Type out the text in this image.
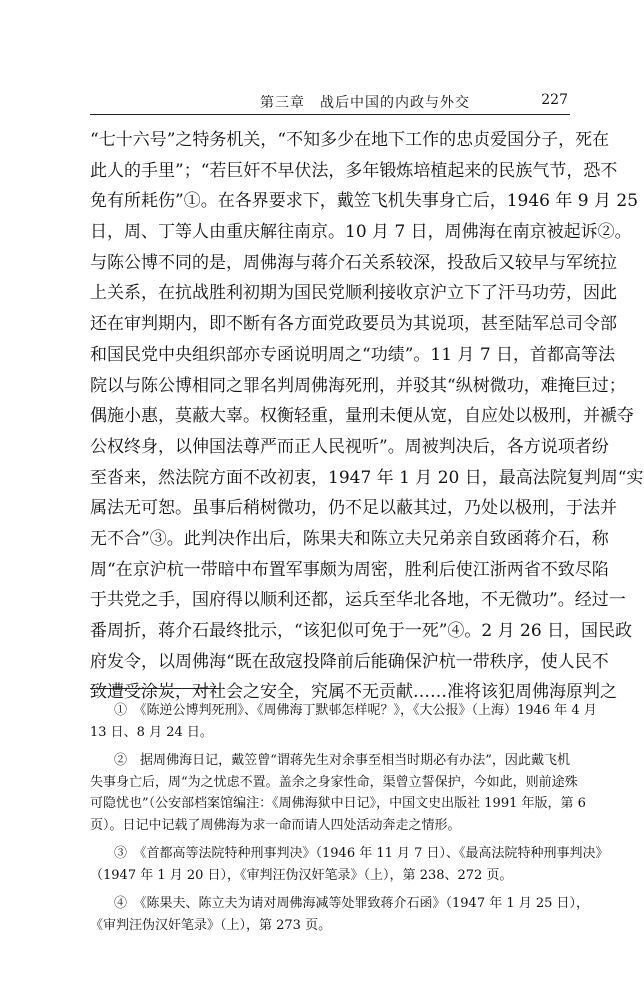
第三章　战后中国的内政与外交	227
“七十六号”之特务机关，“不知多少在地下工作的忠贞爱国分子，死在
此人的手里”；“若巨奸不早伏法，多年锻炼培植起来的民族气节，恐不
免有所耗伤”①。在各界要求下，戴笠飞机失事身亡后，1946 年 9 月 25
日，周、丁等人由重庆解往南京。10 月 7 日，周佛海在南京被起诉②。
与陈公博不同的是，周佛海与蒋介石关系较深，投敌后又较早与军统拉
上关系，在抗战胜利初期为国民党顺利接收京沪立下了汗马功劳，因此
还在审判期内，即不断有各方面党政要员为其说项，甚至陆军总司令部
和国民党中央组织部亦专函说明周之“功绩”。11 月 7 日，首都高等法
院以与陈公博相同之罪名判周佛海死刑，并驳其“纵树微功，难掩巨过；
偶施小惠，莫蔽大辜。权衡轻重，量刑未便从宽，自应处以极刑，并褫夺
公权终身，以伸国法尊严而正人民视听”。周被判决后，各方说项者纷
至沓来，然法院方面不改初衷，1947 年 1 月 20 日，最高法院复判周“实
属法无可恕。虽事后稍树微功，仍不足以蔽其过，乃处以极刑，于法并
无不合”③。此判决作出后，陈果夫和陈立夫兄弟亲自致函蒋介石，称
周“在京沪杭一带暗中布置军事颇为周密，胜利后使江浙两省不致尽陷
于共党之手，国府得以顺利还都，运兵至华北各地，不无微功”。经过一
番周折，蒋介石最终批示，“该犯似可免于一死”④。2 月 26 日，国民政
府发令，以周佛海“既在敌寇投降前后能确保沪杭一带秩序，使人民不
致遭受涂炭，对社会之安全，究属不无贡献……准将该犯周佛海原判之
①　《陈逆公博判死刑》、《周佛海丁默邨怎样呢？》，《大公报》（上海）1946 年 4 月
13 日、8 月 24 日。
②　据周佛海日记，戴笠曾“谓蒋先生对余事至相当时期必有办法”，因此戴飞机
失事身亡后，周“为之忧虑不置。盖余之身家性命，渠曾立誓保护，今如此，则前途殊
可隐忧也”（公安部档案馆编注：《周佛海狱中日记》，中国文史出版社 1991 年版，第 6
页）。日记中记载了周佛海为求一命而请人四处活动奔走之情形。
③　《首都高等法院特种刑事判决》（1946 年 11 月 7 日）、《最高法院特种刑事判决》
（1947 年 1 月 20 日），《审判汪伪汉奸笔录》（上），第 238、272 页。
④　《陈果夫、陈立夫为请对周佛海减等处罪致蒋介石函》（1947 年 1 月 25 日），
《审判汪伪汉奸笔录》（上），第 273 页。
